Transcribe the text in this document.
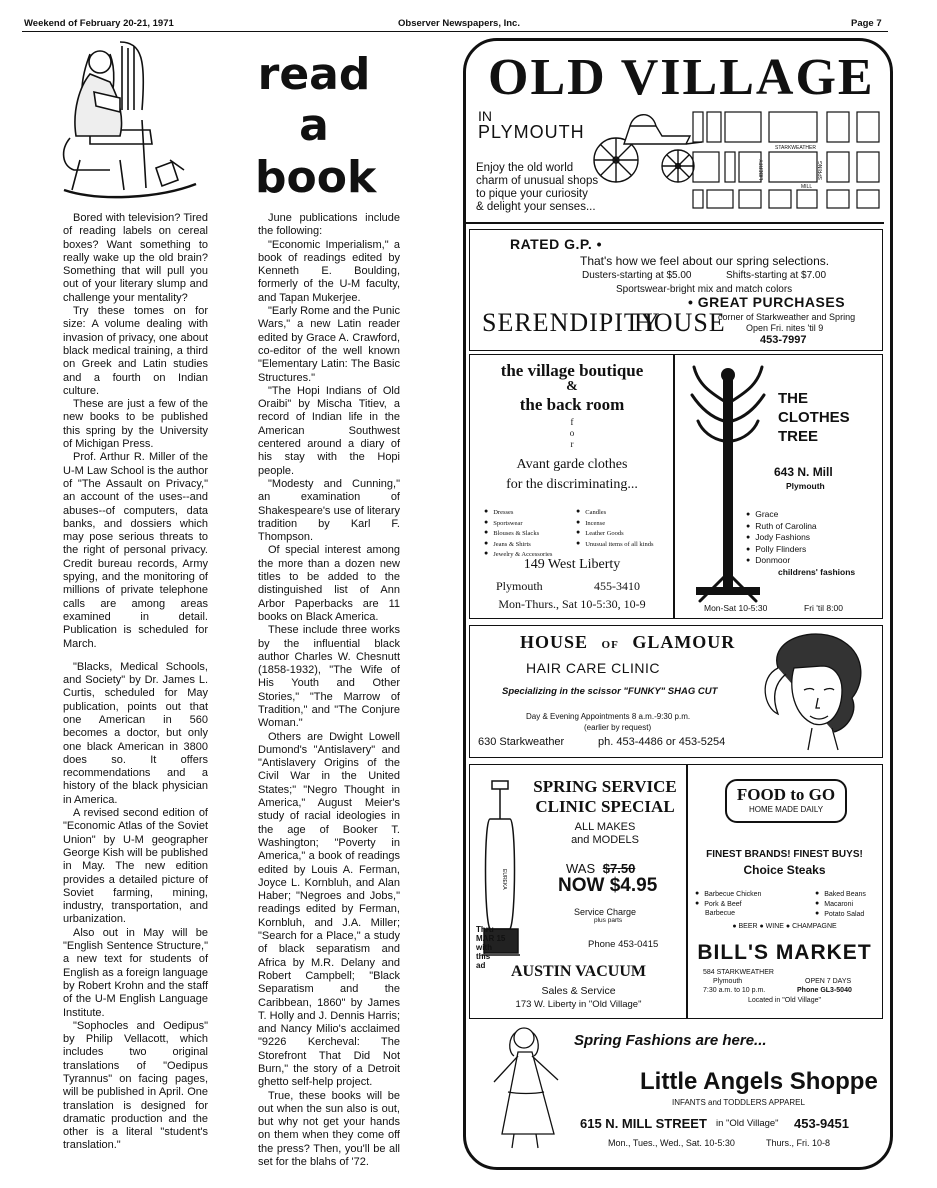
Weekend of February 20-21, 1971	Observer Newspapers, Inc.	Page 7
read
a
book

Bored with television? Tired of reading labels on cereal boxes? Want something to really wake up the old brain? Something that will pull you out of your literary slump and challenge your mentality?

Try these tomes on for size: A volume dealing with invasion of privacy, one about black medical training, a third on Greek and Latin studies and a fourth on Indian culture.

These are just a few of the new books to be published this spring by the University of Michigan Press.

Prof. Arthur R. Miller of the U-M Law School is the author of "The Assault on Privacy," an account of the uses--and abuses--of computers, data banks, and dossiers which may pose serious threats to the right of personal privacy. Credit bureau records, Army spying, and the monitoring of millions of private telephone calls are among areas examined in detail. Publication is scheduled for March.

"Blacks, Medical Schools, and Society" by Dr. James L. Curtis, scheduled for May publication, points out that one American in 560 becomes a doctor, but only one black American in 3800 does so. It offers recommendations and a history of the black physician in America.

A revised second edition of "Economic Atlas of the Soviet Union" by U-M geographer George Kish will be published in May. The new edition provides a detailed picture of Soviet farming, mining, industry, transportation, and urbanization.

Also out in May will be "English Sentence Structure," a new text for students of English as a foreign language by Robert Krohn and the staff of the U-M English Language Institute.

"Sophocles and Oedipus" by Philip Vellacott, which includes two original translations of "Oedipus Tyrannus" on facing pages, will be published in April. One translation is designed for dramatic production and the other is a literal "student's translation."

June publications include the following:

"Economic Imperialism," a book of readings edited by Kenneth E. Boulding, formerly of the U-M faculty, and Tapan Mukerjee.

"Early Rome and the Punic Wars," a new Latin reader edited by Grace A. Crawford, co-editor of the well known "Elementary Latin: The Basic Structures."

"The Hopi Indians of Old Oraibi" by Mischa Titiev, a record of Indian life in the American Southwest centered around a diary of his stay with the Hopi people.

"Modesty and Cunning," an examination of Shakespeare's use of literary tradition by Karl F. Thompson.

Of special interest among the more than a dozen new titles to be added to the distinguished list of Ann Arbor Paperbacks are 11 books on Black America.

These include three works by the influential black author Charles W. Chesnutt (1858-1932), "The Wife of His Youth and Other Stories," "The Marrow of Tradition," and "The Conjure Woman."

Others are Dwight Lowell Dumond's "Antislavery" and "Antislavery Origins of the Civil War in the United States;" "Negro Thought in America," August Meier's study of racial ideologies in the age of Booker T. Washington; "Poverty in America," a book of readings edited by Louis A. Ferman, Joyce L. Kornbluh, and Alan Haber; "Negroes and Jobs," readings edited by Ferman, Kornbluh, and J.A. Miller; "Search for a Place," a study of black separatism and Africa by M.R. Delany and Robert Campbell; "Black Separatism and the Caribbean, 1860" by James T. Holly and J. Dennis Harris; and Nancy Milio's acclaimed "9226 Kercheval: The Storefront That Did Not Burn," the story of a Detroit ghetto self-help project.

True, these books will be out when the sun also is out, but why not get your hands on them when they come off the press? Then, you'll be all set for the blahs of '72.

OLD VILLAGE
IN
PLYMOUTH
Enjoy the old world
charm of unusual shops
to pique your curiosity
& delight your senses...
STARKWEATHER
MILL
LIBERTY	SPRING
RATED G.P. •
That's how we feel about our spring selections.
Dusters-starting at $5.00	Shifts-starting at $7.00
Sportswear-bright mix and match colors
• GREAT PURCHASES
SERENDIPITY
HOUSE
corner of Starkweather and Spring
Open Fri. nites 'til 9
453-7997
the village boutique
&
the back room
f
o
r
Avant garde clothes
for the discriminating...
● Dresses
● Sportswear
● Blouses & Slacks
● Jeans & Shirts
● Jewelry & Accessories
● Candles
● Incense
● Leather Goods
● Unusual items of all kinds
149 West Liberty
Plymouth	455-3410
Mon-Thurs., Sat 10-5:30, 10-9
THE
CLOTHES
TREE
643 N. Mill
Plymouth
● Grace
● Ruth of Carolina
● Jody Fashions
● Polly Flinders
● Donmoor
childrens' fashions
Mon-Sat 10-5:30	Fri 'til 8:00
HOUSE OF GLAMOUR
HAIR CARE CLINIC
Specializing in the scissor "FUNKY" SHAG CUT
Day & Evening Appointments 8 a.m.-9:30 p.m.
(earlier by request)
630 Starkweather	ph. 453-4486 or 453-5254
EUREKA
SPRING SERVICE
CLINIC SPECIAL
ALL MAKES
and MODELS
WAS $7.50
NOW $4.95
Service Charge
plus parts
Thru
MAR 15
with
this
ad
Phone 453-0415
AUSTIN VACUUM
Sales & Service
173 W. Liberty in "Old Village"
FOOD to GO
HOME MADE DAILY
FINEST BRANDS! FINEST BUYS!
Choice Steaks
● Barbecue Chicken
● Pork & Beef
Barbecue
● Baked Beans
● Macaroni
● Potato Salad
● BEER ● WINE ● CHAMPAGNE
BILL'S MARKET
584 STARKWEATHER
Plymouth	OPEN 7 DAYS
7:30 a.m. to 10 p.m.	Phone GL3-5040
Located in "Old Village"
Spring Fashions are here...
Little Angels Shoppe
INFANTS and TODDLERS APPAREL
615 N. MILL STREET in "Old Village" 453-9451
Mon., Tues., Wed., Sat. 10-5:30	Thurs., Fri. 10-8
